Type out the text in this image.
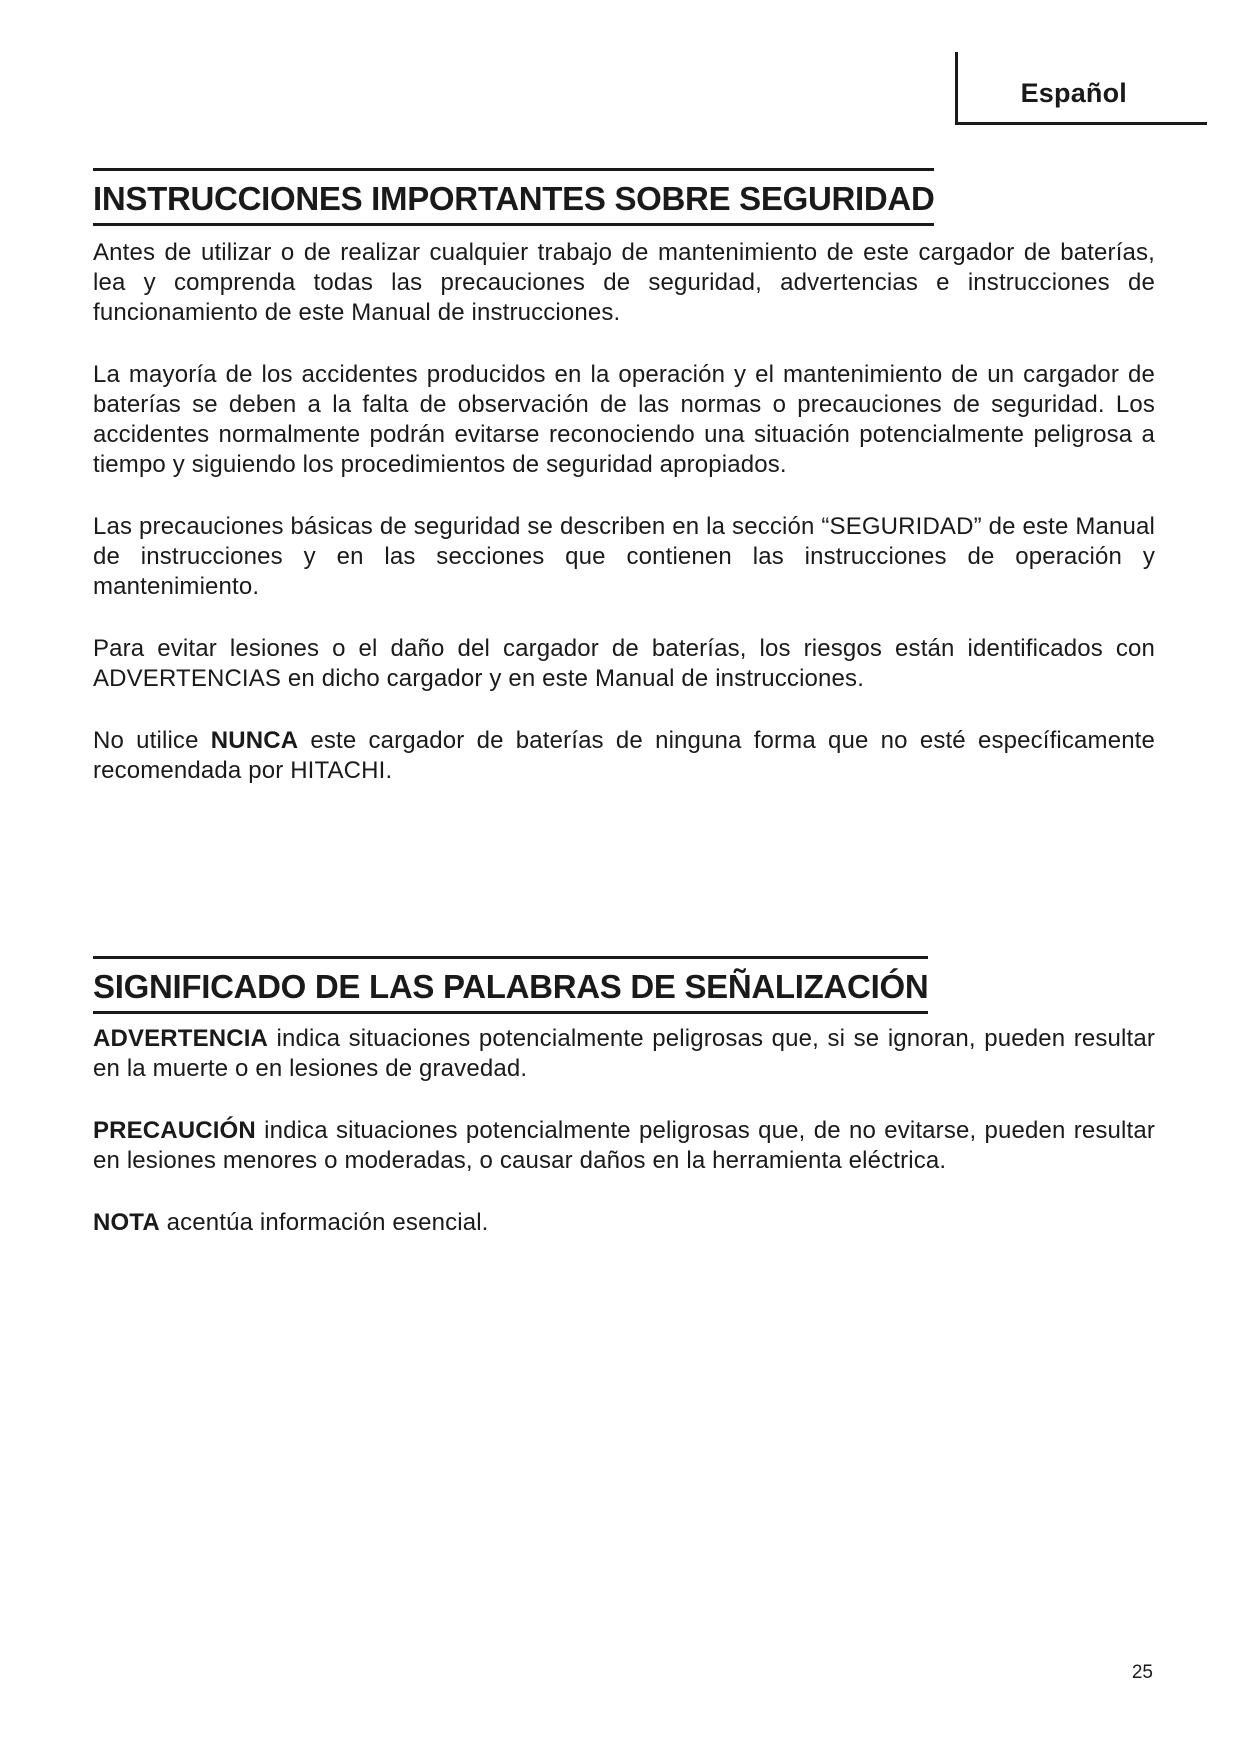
Español
INSTRUCCIONES IMPORTANTES SOBRE SEGURIDAD

Antes de utilizar o de realizar cualquier trabajo de mantenimiento de este cargador de baterías, lea y comprenda todas las precauciones de seguridad, advertencias e instrucciones de funcionamiento de este Manual de instrucciones.

La mayoría de los accidentes producidos en la operación y el mantenimiento de un cargador de baterías se deben a la falta de observación de las normas o precauciones de seguridad. Los accidentes normalmente podrán evitarse reconociendo una situación potencialmente peligrosa a tiempo y siguiendo los procedimientos de seguridad apropiados.

Las precauciones básicas de seguridad se describen en la sección “SEGURIDAD” de este Manual de instrucciones y en las secciones que contienen las instrucciones de operación y mantenimiento.

Para evitar lesiones o el daño del cargador de baterías, los riesgos están identificados con ADVERTENCIAS en dicho cargador y en este Manual de instrucciones.

No utilice NUNCA este cargador de baterías de ninguna forma que no esté específicamente recomendada por HITACHI.

SIGNIFICADO DE LAS PALABRAS DE SEÑALIZACIÓN

ADVERTENCIA indica situaciones potencialmente peligrosas que, si se ignoran, pueden resultar en la muerte o en lesiones de gravedad.

PRECAUCIÓN indica situaciones potencialmente peligrosas que, de no evitarse, pueden resultar en lesiones menores o moderadas, o causar daños en la herramienta eléctrica.

NOTA acentúa información esencial.

25
